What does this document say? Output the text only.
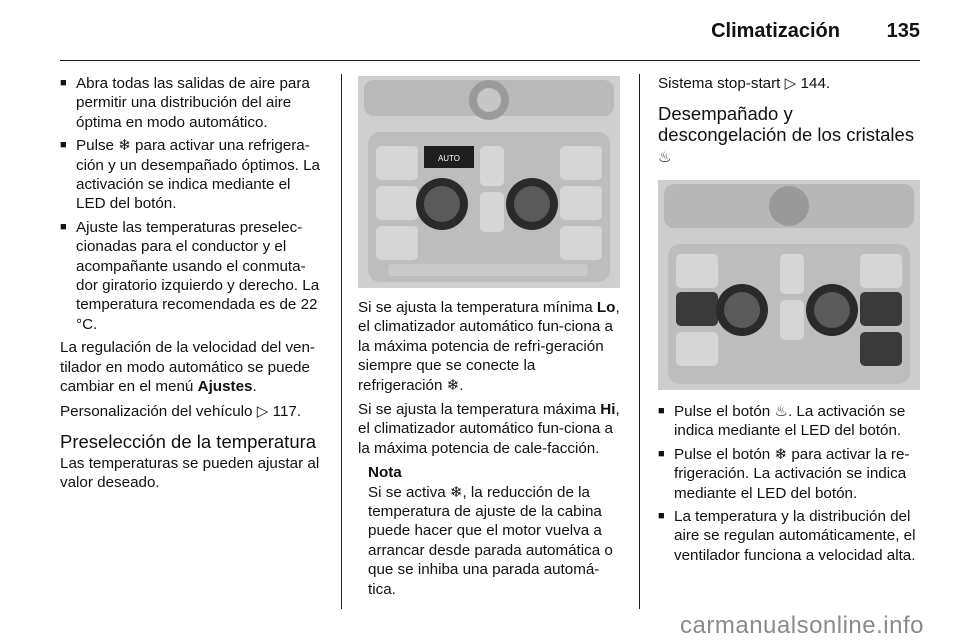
Climatización 135
■ Abra todas las salidas de aire para permitir una distribución del aire óptima en modo automático.
■ Pulse ❄ para activar una refrigera-ción y un desempañado óptimos. La activación se indica mediante el LED del botón.
■ Ajuste las temperaturas preselec-cionadas para el conductor y el acompañante usando el conmuta-dor giratorio izquierdo y derecho. La temperatura recomendada es de 22 °C.

La regulación de la velocidad del ven-tilador en modo automático se puede cambiar en el menú Ajustes.

Personalización del vehículo ▷ 117.

Preselección de la temperatura

Las temperaturas se pueden ajustar al valor deseado.

AUTO

Si se ajusta la temperatura mínima Lo, el climatizador automático fun-ciona a la máxima potencia de refri-geración siempre que se conecte la refrigeración ❄.

Si se ajusta la temperatura máxima Hi, el climatizador automático fun-ciona a la máxima potencia de cale-facción.

Nota
Si se activa ❄, la reducción de la temperatura de ajuste de la cabina puede hacer que el motor vuelva a arrancar desde parada automática o que se inhiba una parada automá-tica.

Sistema stop-start ▷ 144.

Desempañado y descongelación de los cristales ♨
■ Pulse el botón ♨. La activación se indica mediante el LED del botón.
■ Pulse el botón ❄ para activar la re-frigeración. La activación se indica mediante el LED del botón.
■ La temperatura y la distribución del aire se regulan automáticamente, el ventilador funciona a velocidad alta.
carmanualsonline.info
